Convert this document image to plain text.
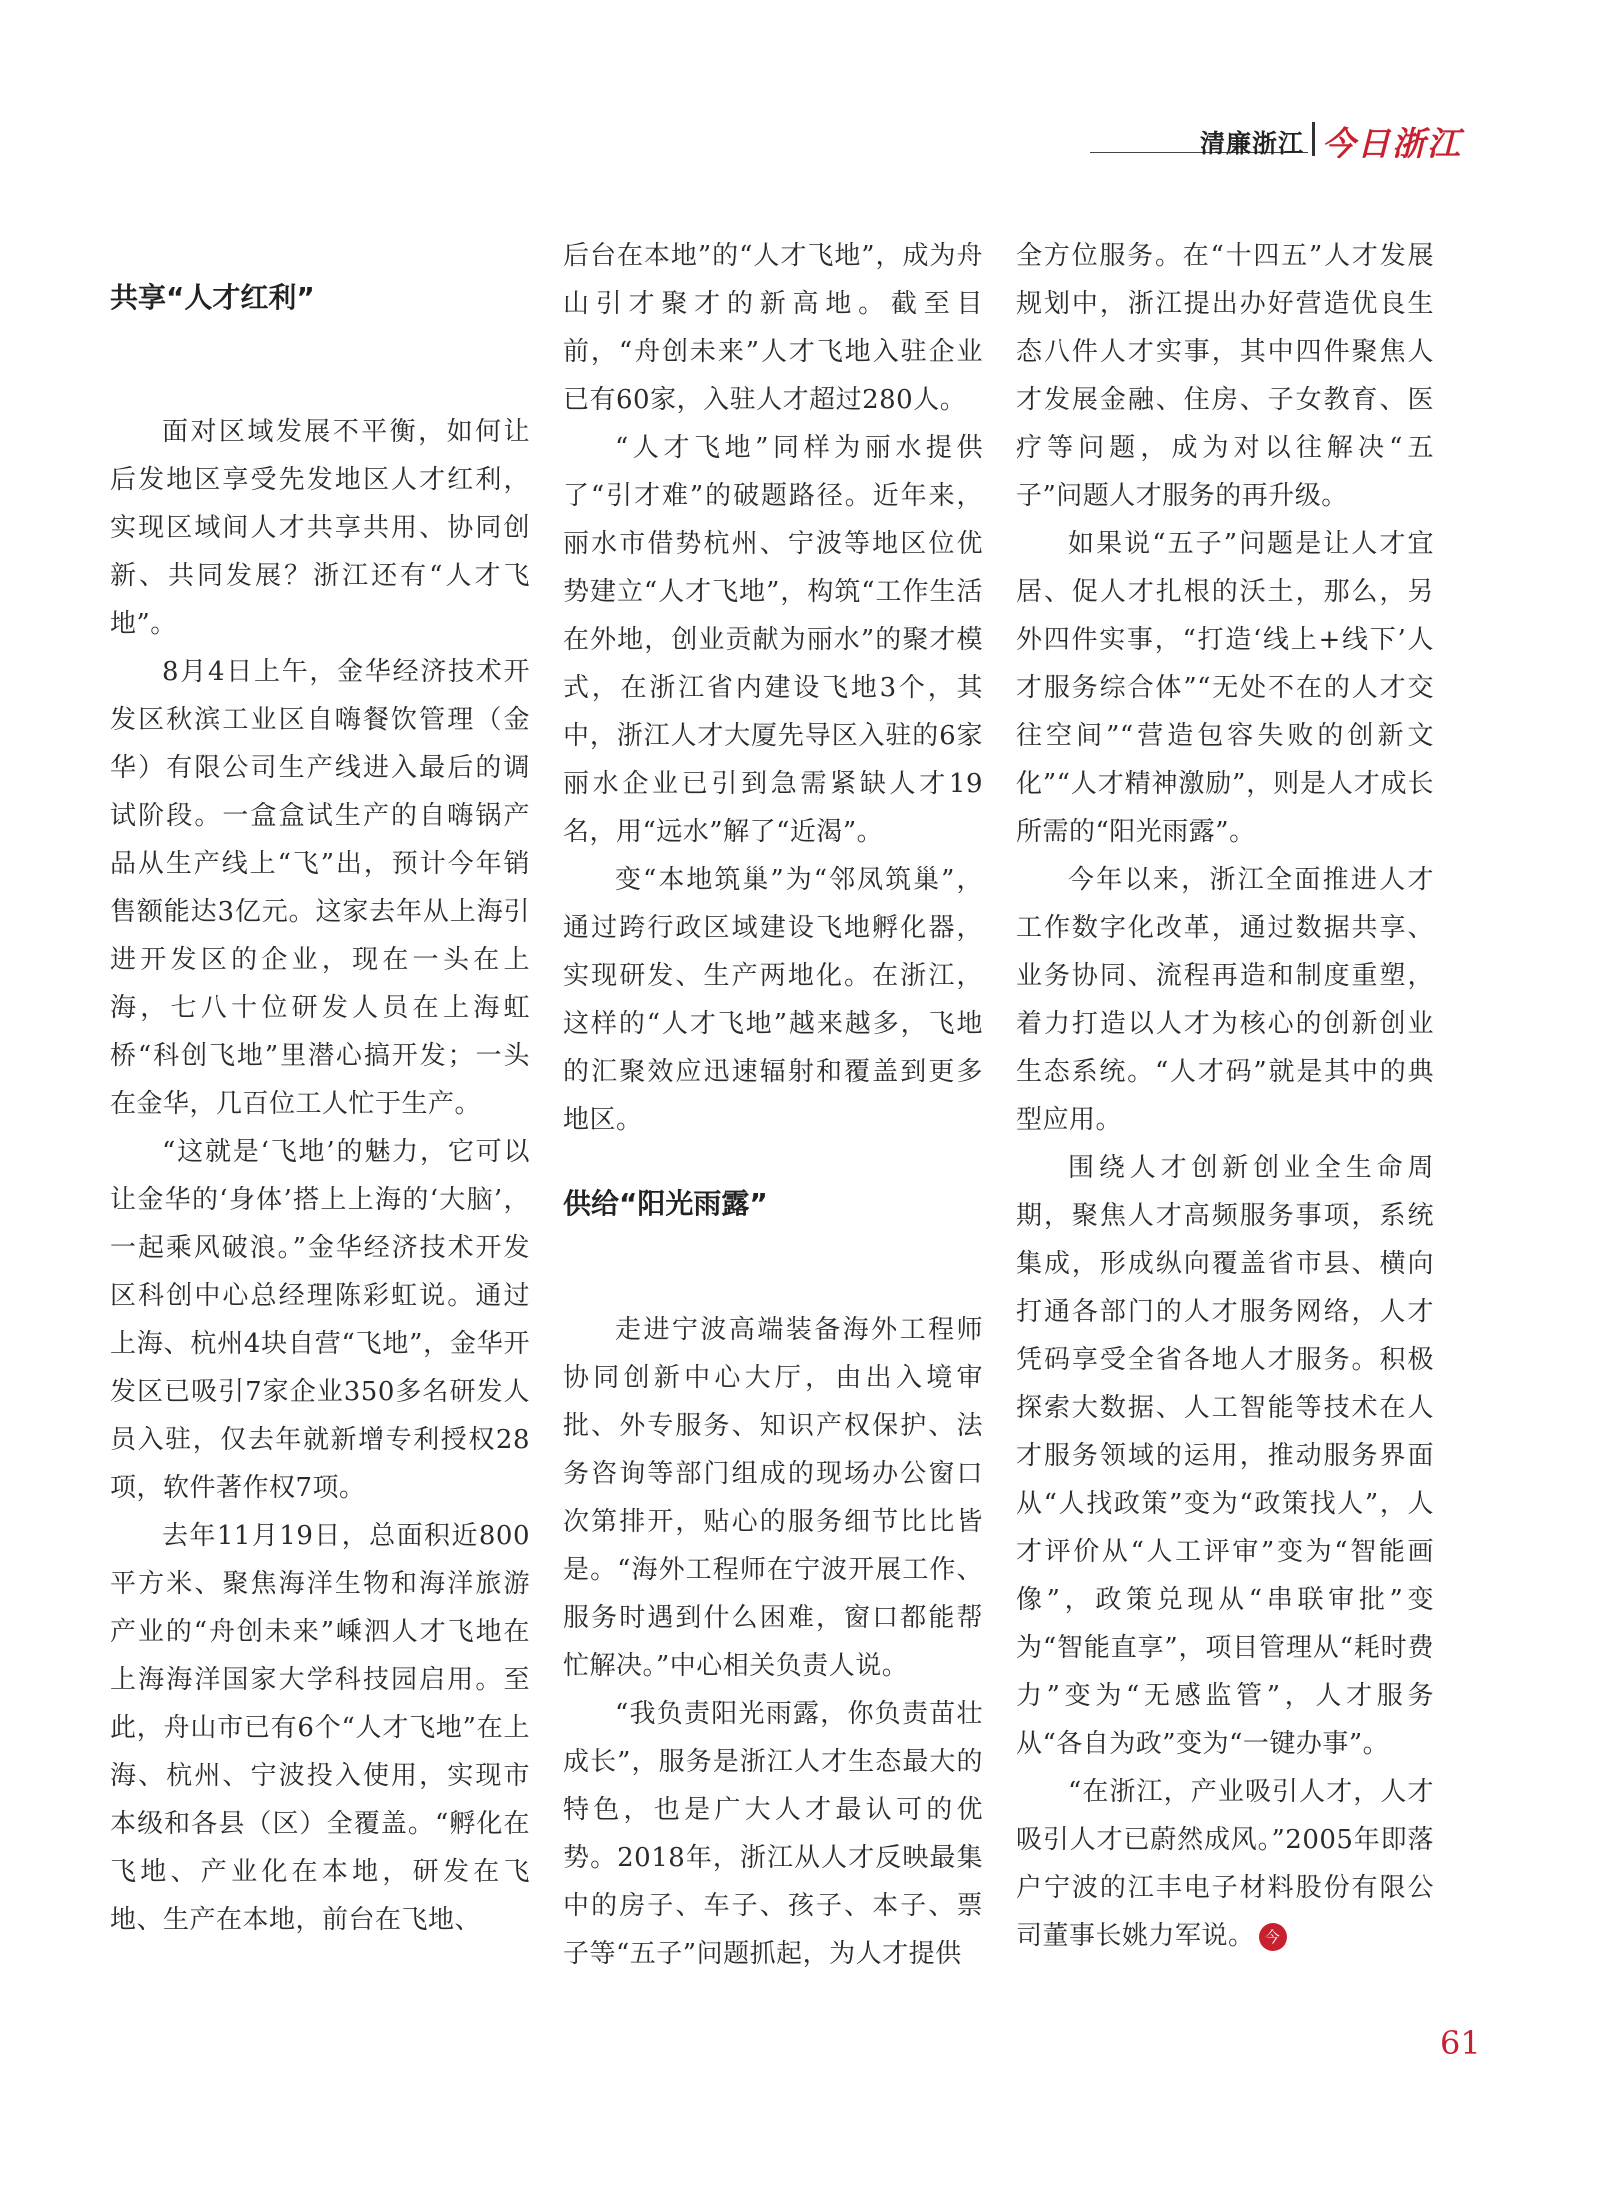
清廉浙江 今日浙江
共享“人才红利”

面对区域发展不平衡，如何让后发地区享受先发地区人才红利，实现区域间人才共享共用、协同创新、共同发展？浙江还有“人才飞地”。

8月4日上午，金华经济技术开发区秋滨工业区自嗨餐饮管理（金华）有限公司生产线进入最后的调试阶段。一盒盒试生产的自嗨锅产品从生产线上“飞”出，预计今年销售额能达3亿元。这家去年从上海引进开发区的企业，现在一头在上海，七八十位研发人员在上海虹桥“科创飞地”里潜心搞开发；一头在金华，几百位工人忙于生产。

“这就是‘飞地’的魅力，它可以让金华的‘身体’搭上上海的‘大脑’，一起乘风破浪。”金华经济技术开发区科创中心总经理陈彩虹说。通过上海、杭州4块自营“飞地”，金华开发区已吸引7家企业350多名研发人员入驻，仅去年就新增专利授权28项，软件著作权7项。

去年11月19日，总面积近800平方米、聚焦海洋生物和海洋旅游产业的“舟创未来”嵊泗人才飞地在上海海洋国家大学科技园启用。至此，舟山市已有6个“人才飞地”在上海、杭州、宁波投入使用，实现市本级和各县（区）全覆盖。“孵化在飞地、产业化在本地，研发在飞地、生产在本地，前台在飞地、

后台在本地”的“人才飞地”，成为舟山引才聚才的新高地。截至目前，“舟创未来”人才飞地入驻企业已有60家，入驻人才超过280人。

“人才飞地”同样为丽水提供了“引才难”的破题路径。近年来，丽水市借势杭州、宁波等地区位优势建立“人才飞地”，构筑“工作生活在外地，创业贡献为丽水”的聚才模式，在浙江省内建设飞地3个，其中，浙江人才大厦先导区入驻的6家丽水企业已引到急需紧缺人才19名，用“远水”解了“近渴”。

变“本地筑巢”为“邻凤筑巢”，通过跨行政区域建设飞地孵化器，实现研发、生产两地化。在浙江，这样的“人才飞地”越来越多，飞地的汇聚效应迅速辐射和覆盖到更多地区。

供给“阳光雨露”

走进宁波高端装备海外工程师协同创新中心大厅，由出入境审批、外专服务、知识产权保护、法务咨询等部门组成的现场办公窗口次第排开，贴心的服务细节比比皆是。“海外工程师在宁波开展工作、服务时遇到什么困难，窗口都能帮忙解决。”中心相关负责人说。

“我负责阳光雨露，你负责苗壮成长”，服务是浙江人才生态最大的特色，也是广大人才最认可的优势。2018年，浙江从人才反映最集中的房子、车子、孩子、本子、票子等“五子”问题抓起，为人才提供

全方位服务。在“十四五”人才发展规划中，浙江提出办好营造优良生态八件人才实事，其中四件聚焦人才发展金融、住房、子女教育、医疗等问题，成为对以往解决“五子”问题人才服务的再升级。

如果说“五子”问题是让人才宜居、促人才扎根的沃土，那么，另外四件实事，“打造‘线上+线下’人才服务综合体”“无处不在的人才交往空间”“营造包容失败的创新文化”“人才精神激励”，则是人才成长所需的“阳光雨露”。

今年以来，浙江全面推进人才工作数字化改革，通过数据共享、业务协同、流程再造和制度重塑，着力打造以人才为核心的创新创业生态系统。“人才码”就是其中的典型应用。

围绕人才创新创业全生命周期，聚焦人才高频服务事项，系统集成，形成纵向覆盖省市县、横向打通各部门的人才服务网络，人才凭码享受全省各地人才服务。积极探索大数据、人工智能等技术在人才服务领域的运用，推动服务界面从“人找政策”变为“政策找人”，人才评价从“人工评审”变为“智能画像”，政策兑现从“串联审批”变为“智能直享”，项目管理从“耗时费力”变为“无感监管”，人才服务从“各自为政”变为“一键办事”。

“在浙江，产业吸引人才，人才吸引人才已蔚然成风。”2005年即落户宁波的江丰电子材料股份有限公司董事长姚力军说。 今

61
